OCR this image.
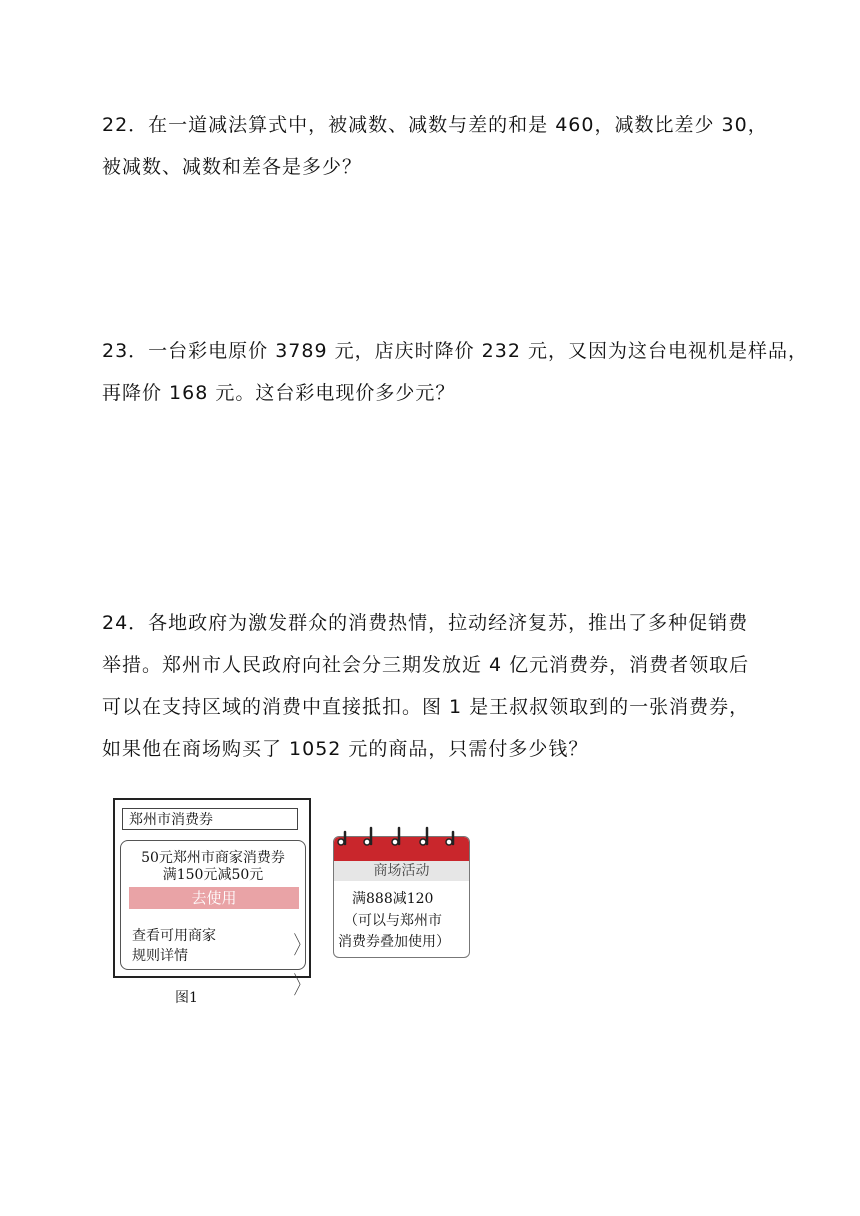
22．在一道减法算式中，被减数、减数与差的和是 460，减数比差少 30，

被减数、减数和差各是多少？

23．一台彩电原价 3789 元，店庆时降价 232 元，又因为这台电视机是样品，

再降价 168 元。这台彩电现价多少元？

24．各地政府为激发群众的消费热情，拉动经济复苏，推出了多种促销费

举措。郑州市人民政府向社会分三期发放近 4 亿元消费券，消费者领取后

可以在支持区域的消费中直接抵扣。图 1 是王叔叔领取到的一张消费券，

如果他在商场购买了 1052 元的商品，只需付多少钱？

郑州市消费券
50元郑州市商家消费券
满150元减50元
去使用
查看可用商家
规则详情	〉
〉
图1
商场活动
满888减120
（可以与郑州市
消费券叠加使用）
